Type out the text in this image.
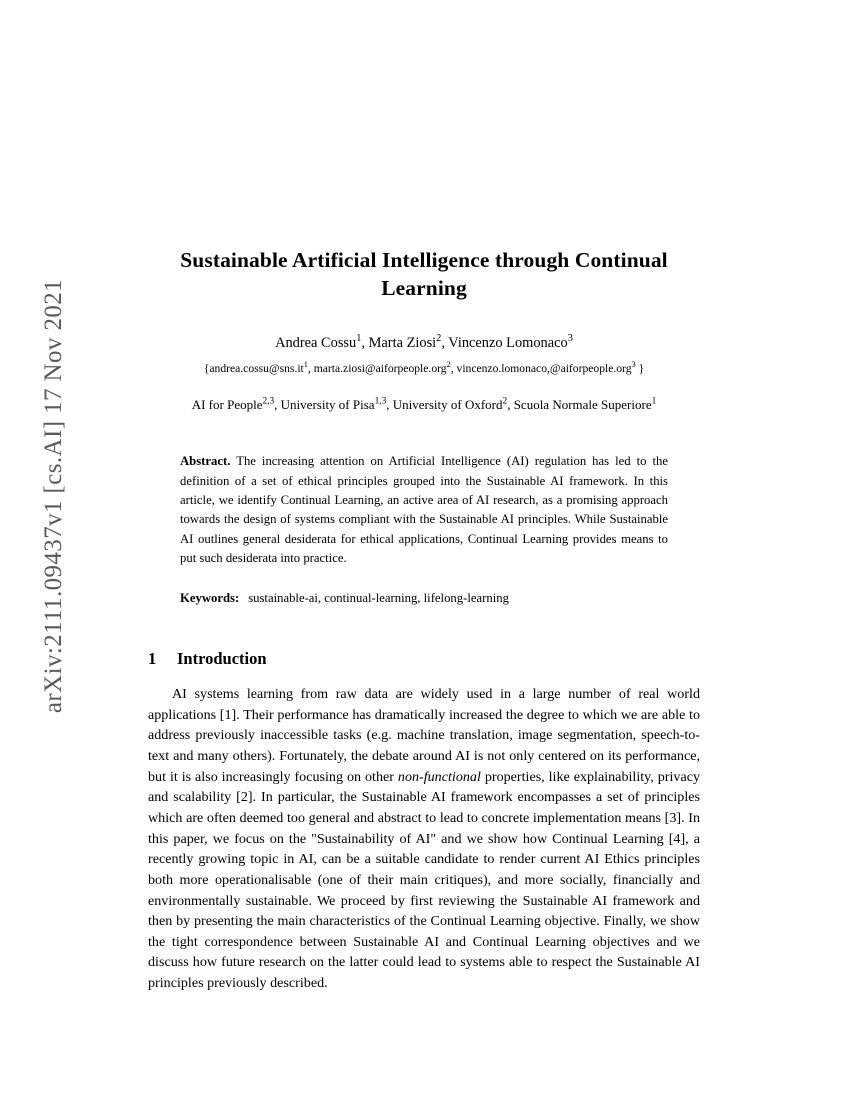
arXiv:2111.09437v1 [cs.AI] 17 Nov 2021
Sustainable Artificial Intelligence through Continual Learning
Andrea Cossu$^1$, Marta Ziosi$^2$, Vincenzo Lomonaco$^3$
{$andrea.cossu@sns.it^1$, marta.ziosi@aiforpeople.org$^2$, vincenzo.lomonaco,@aiforpeople.org$^3$ }
AI for People$^{2,3}$, University of Pisa$^{1,3}$, University of Oxford$^2$, Scuola Normale Superiore$^1$
Abstract. The increasing attention on Artificial Intelligence (AI) regulation has led to the definition of a set of ethical principles grouped into the Sustainable AI framework. In this article, we identify Continual Learning, an active area of AI research, as a promising approach towards the design of systems compliant with the Sustainable AI principles. While Sustainable AI outlines general desiderata for ethical applications, Continual Learning provides means to put such desiderata into practice.
Keywords: sustainable-ai, continual-learning, lifelong-learning
1	Introduction

AI systems learning from raw data are widely used in a large number of real world applications [1]. Their performance has dramatically increased the degree to which we are able to address previously inaccessible tasks (e.g. machine translation, image segmentation, speech-to-text and many others). Fortunately, the debate around AI is not only centered on its performance, but it is also increasingly focusing on other non-functional properties, like explainability, privacy and scalability [2]. In particular, the Sustainable AI framework encompasses a set of principles which are often deemed too general and abstract to lead to concrete implementation means [3]. In this paper, we focus on the "Sustainability of AI" and we show how Continual Learning [4], a recently growing topic in AI, can be a suitable candidate to render current AI Ethics principles both more operationalisable (one of their main critiques), and more socially, financially and environmentally sustainable. We proceed by first reviewing the Sustainable AI framework and then by presenting the main characteristics of the Continual Learning objective. Finally, we show the tight correspondence between Sustainable AI and Continual Learning objectives and we discuss how future research on the latter could lead to systems able to respect the Sustainable AI principles previously described.
